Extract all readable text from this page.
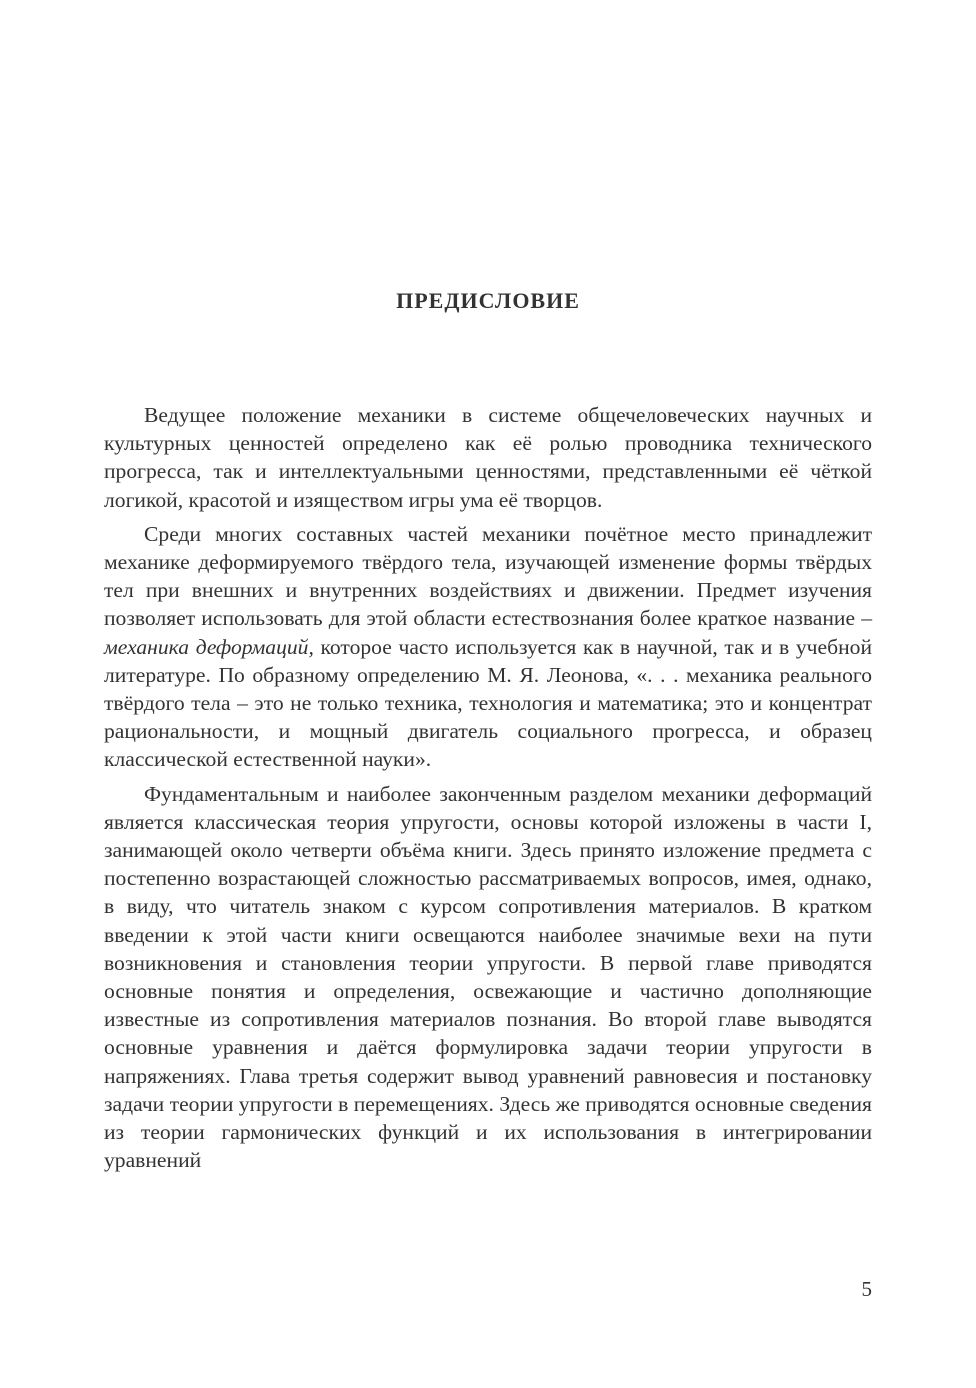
ПРЕДИСЛОВИЕ

Ведущее положение механики в системе общечеловеческих научных и культурных ценностей определено как её ролью проводника технического прогресса, так и интеллектуальными ценностями, представленными её чёткой логикой, красотой и изяществом игры ума её творцов.

Среди многих составных частей механики почётное место принадлежит механике деформируемого твёрдого тела, изучающей изменение формы твёрдых тел при внешних и внутренних воздействиях и движении. Предмет изучения позволяет использовать для этой области естествознания более краткое название – механика деформаций, которое часто используется как в научной, так и в учебной литературе. По образному определению М. Я. Леонова, «. . . механика реального твёрдого тела – это не только техника, технология и математика; это и концентрат рациональности, и мощный двигатель социального прогресса, и образец классической естественной науки».

Фундаментальным и наиболее законченным разделом механики деформаций является классическая теория упругости, основы которой изложены в части I, занимающей около четверти объёма книги. Здесь принято изложение предмета с постепенно возрастающей сложностью рассматриваемых вопросов, имея, однако, в виду, что читатель знаком с курсом сопротивления материалов. В кратком введении к этой части книги освещаются наиболее значимые вехи на пути возникновения и становления теории упругости. В первой главе приводятся основные понятия и определения, освежающие и частично дополняющие известные из сопротивления материалов познания. Во второй главе выводятся основные уравнения и даётся формулировка задачи теории упругости в напряжениях. Глава третья содержит вывод уравнений равновесия и постановку задачи теории упругости в перемещениях. Здесь же приводятся основные сведения из теории гармонических функций и их использования в интегрировании уравнений

5
